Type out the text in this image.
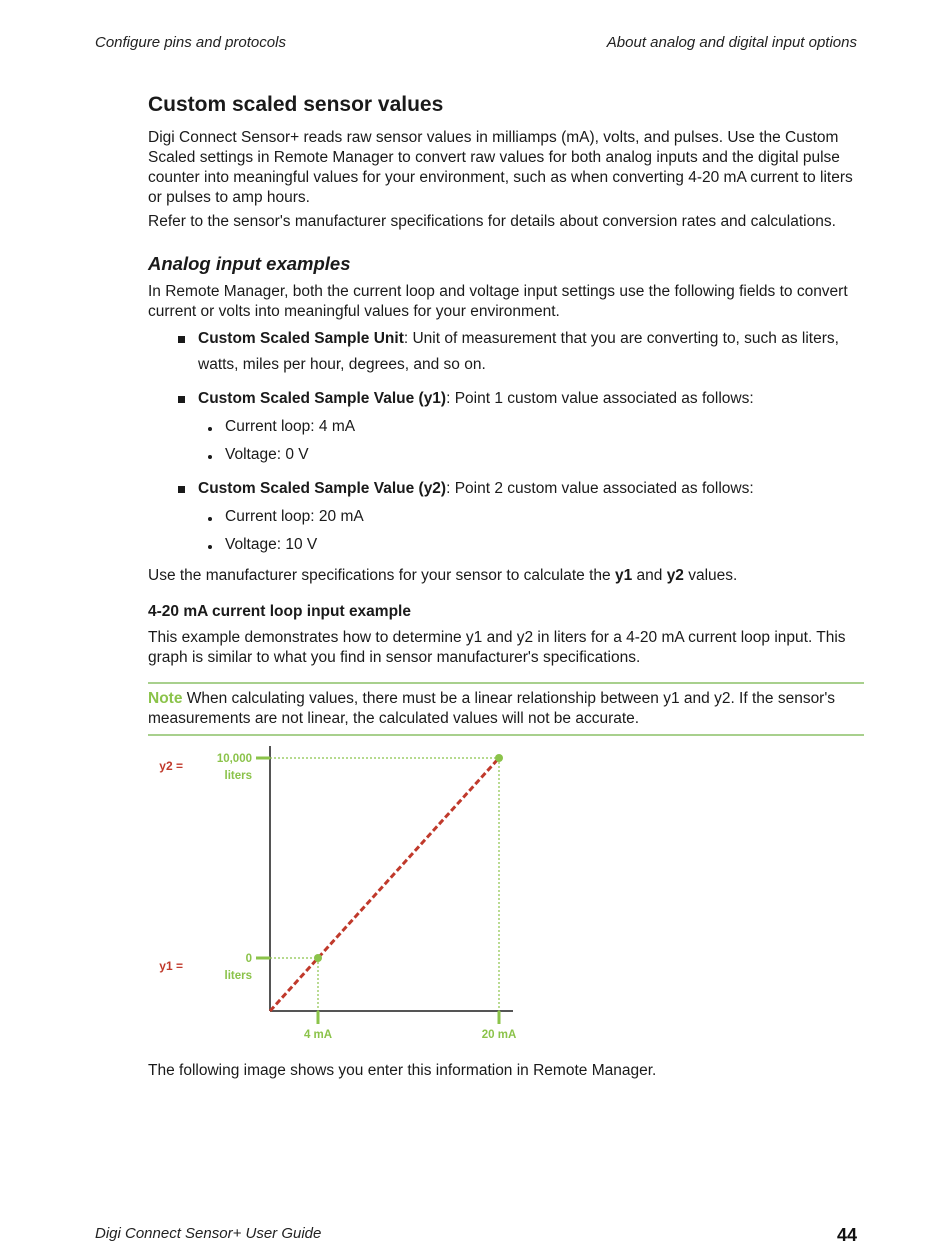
Configure pins and protocols	About analog and digital input options
Custom scaled sensor values

Digi Connect Sensor+ reads raw sensor values in milliamps (mA), volts, and pulses. Use the Custom Scaled settings in Remote Manager to convert raw values for both analog inputs and the digital pulse counter into meaningful values for your environment, such as when converting 4-20 mA current to liters or pulses to amp hours.

Refer to the sensor's manufacturer specifications for details about conversion rates and calculations.

Analog input examples

In Remote Manager, both the current loop and voltage input settings use the following fields to convert current or volts into meaningful values for your environment.

Custom Scaled Sample Unit: Unit of measurement that you are converting to, such as liters, watts, miles per hour, degrees, and so on.
Custom Scaled Sample Value (y1): Point 1 custom value associated as follows:
Current loop: 4 mA
Voltage: 0 V
Custom Scaled Sample Value (y2): Point 2 custom value associated as follows:
Current loop: 20 mA
Voltage: 10 V

Use the manufacturer specifications for your sensor to calculate the y1 and y2 values.

4-20 mA current loop input example

This example demonstrates how to determine y1 and y2 in liters for a 4-20 mA current loop input. This graph is similar to what you find in sensor manufacturer's specifications.

Note When calculating values, there must be a linear relationship between y1 and y2. If the sensor's measurements are not linear, the calculated values will not be accurate.
0
liters
10,000
liters
y1 =
y2 =
4 mA	20 mA

The following image shows you enter this information in Remote Manager.

Digi Connect Sensor+ User Guide	44
